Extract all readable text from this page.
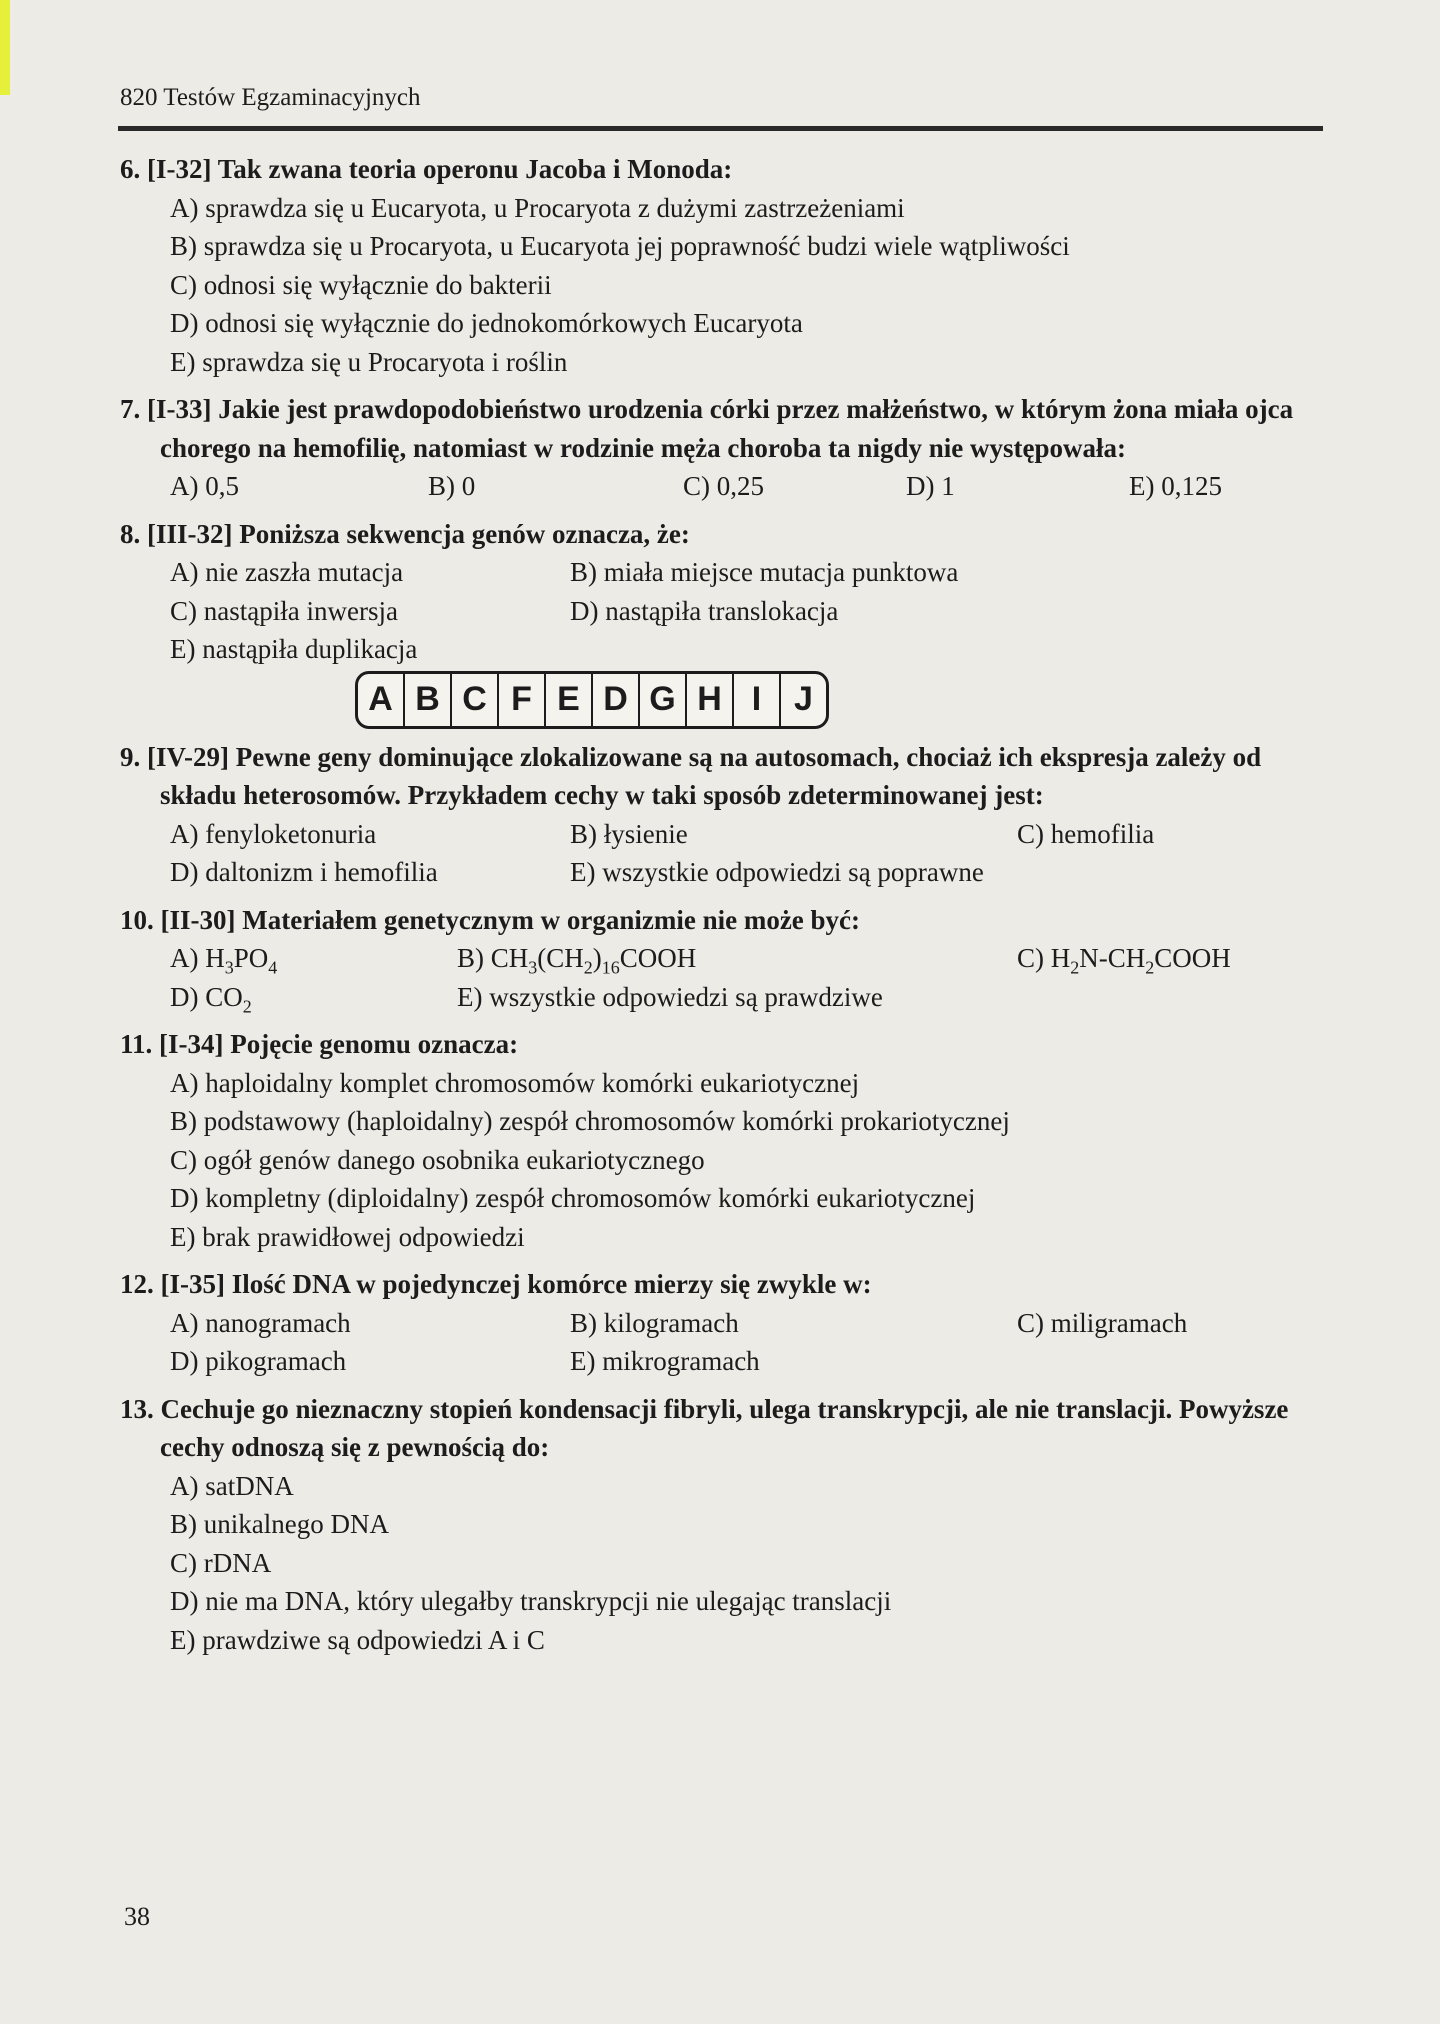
820 Testów Egzaminacyjnych
6. [I-32] Tak zwana teoria operonu Jacoba i Monoda:
A) sprawdza się u Eucaryota, u Procaryota z dużymi zastrzeżeniami
B) sprawdza się u Procaryota, u Eucaryota jej poprawność budzi wiele wątpliwości
C) odnosi się wyłącznie do bakterii
D) odnosi się wyłącznie do jednokomórkowych Eucaryota
E) sprawdza się u Procaryota i roślin
7. [I-33] Jakie jest prawdopodobieństwo urodzenia córki przez małżeństwo, w którym żona miała ojca chorego na hemofilię, natomiast w rodzinie męża choroba ta nigdy nie występowała:
A) 0,5	B) 0	C) 0,25	D) 1	E) 0,125
8. [III-32] Poniższa sekwencja genów oznacza, że:
A) nie zaszła mutacja	B) miała miejsce mutacja punktowa
C) nastąpiła inwersja	D) nastąpiła translokacja
E) nastąpiła duplikacja
A B C F E D G H I J
9. [IV-29] Pewne geny dominujące zlokalizowane są na autosomach, chociaż ich ekspresja zależy od składu heterosomów. Przykładem cechy w taki sposób zdeterminowanej jest:
A) fenyloketonuria	B) łysienie	C) hemofilia
D) daltonizm i hemofilia	E) wszystkie odpowiedzi są poprawne
10. [II-30] Materiałem genetycznym w organizmie nie może być:
A) $H_3PO_4$	B) $CH_3(CH_2)_{16}COOH$	C) $H_2N-CH_2COOH$
D) $CO_2$	E) wszystkie odpowiedzi są prawdziwe
11. [I-34] Pojęcie genomu oznacza:
A) haploidalny komplet chromosomów komórki eukariotycznej
B) podstawowy (haploidalny) zespół chromosomów komórki prokariotycznej
C) ogół genów danego osobnika eukariotycznego
D) kompletny (diploidalny) zespół chromosomów komórki eukariotycznej
E) brak prawidłowej odpowiedzi
12. [I-35] Ilość DNA w pojedynczej komórce mierzy się zwykle w:
A) nanogramach	B) kilogramach	C) miligramach
D) pikogramach	E) mikrogramach
13. Cechuje go nieznaczny stopień kondensacji fibryli, ulega transkrypcji, ale nie translacji. Powyższe cechy odnoszą się z pewnością do:
A) satDNA
B) unikalnego DNA
C) rDNA
D) nie ma DNA, który ulegałby transkrypcji nie ulegając translacji
E) prawdziwe są odpowiedzi A i C
38
